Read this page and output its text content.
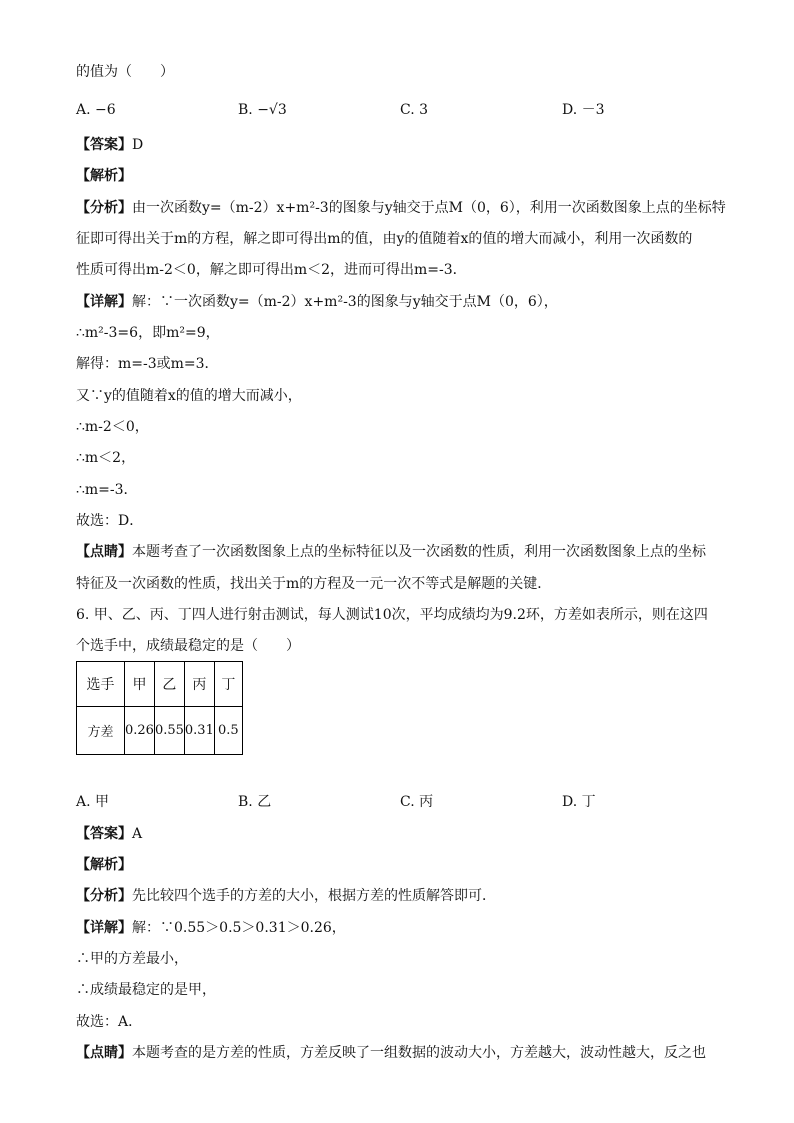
的值为（　　）
A. −6	B. −√3	C. 3	D. －3
【答案】D
【解析】
【分析】由一次函数y=（m-2）x+m²-3的图象与y轴交于点M（0，6），利用一次函数图象上点的坐标特
征即可得出关于m的方程，解之即可得出m的值，由y的值随着x的值的增大而减小，利用一次函数的
性质可得出m-2＜0，解之即可得出m＜2，进而可得出m=-3．
【详解】解：∵一次函数y=（m-2）x+m²-3的图象与y轴交于点M（0，6），
∴m²-3=6，即m²=9，
解得：m=-3或m=3．
又∵y的值随着x的值的增大而减小，
∴m-2＜0，
∴m＜2，
∴m=-3．
故选：D．
【点睛】本题考查了一次函数图象上点的坐标特征以及一次函数的性质，利用一次函数图象上点的坐标
特征及一次函数的性质，找出关于m的方程及一元一次不等式是解题的关键．
6. 甲、乙、丙、丁四人进行射击测试，每人测试10次，平均成绩均为9.2环，方差如表所示，则在这四
个选手中，成绩最稳定的是（　　）
选手	甲	乙	丙	丁
方差	0.26	0.55	0.31	0.5
A. 甲	B. 乙	C. 丙	D. 丁
【答案】A
【解析】
【分析】先比较四个选手的方差的大小，根据方差的性质解答即可．
【详解】解：∵0.55＞0.5＞0.31＞0.26，
∴甲的方差最小，
∴成绩最稳定的是甲，
故选：A．
【点睛】本题考查的是方差的性质，方差反映了一组数据的波动大小，方差越大，波动性越大，反之也
